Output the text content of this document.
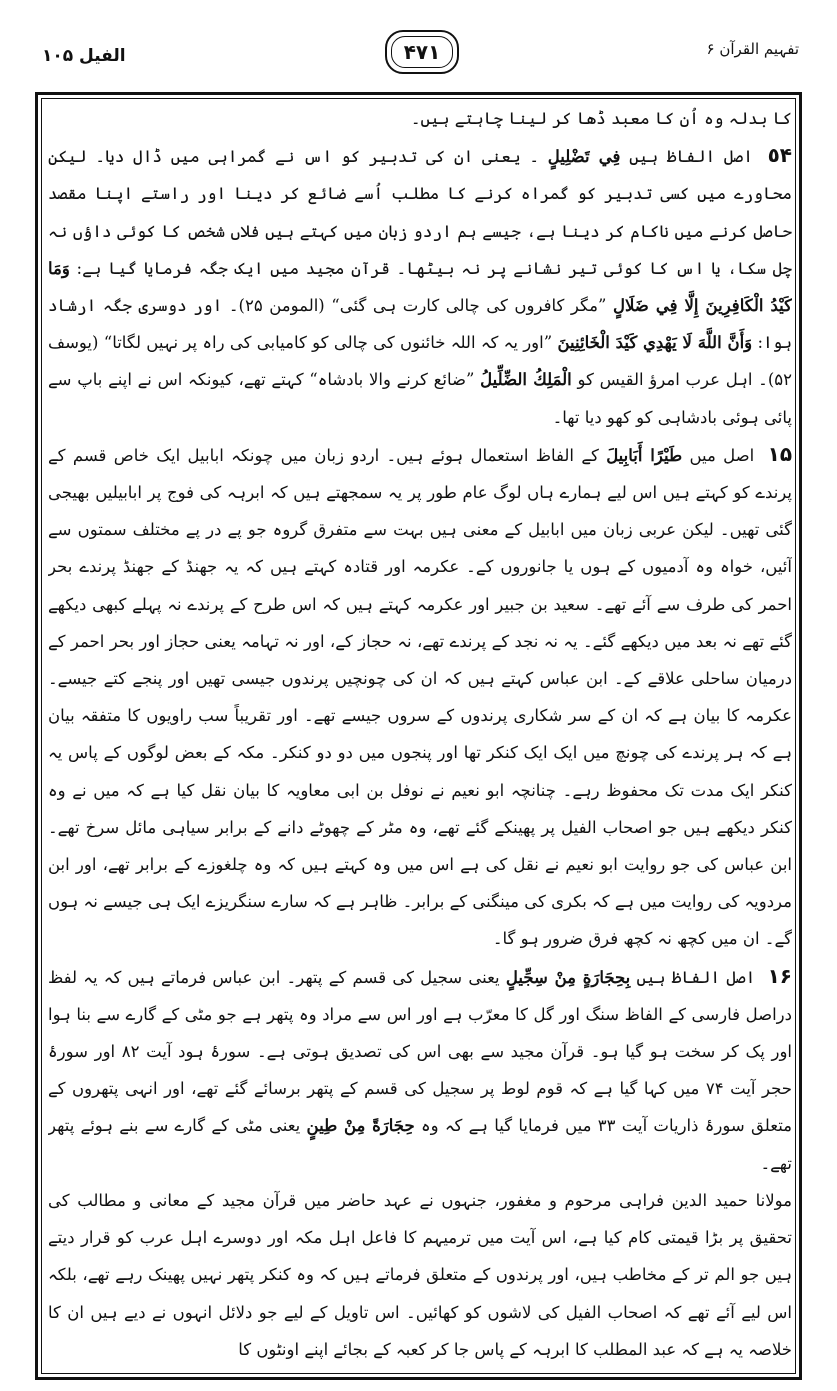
الفیل ۱۰۵	۴۷۱	تفہیم القرآن ۶

کا بدلہ وہ اُن کا معبد ڈھا کر لینا چاہتے ہیں۔

٥۴ اصل الفاظ ہیں فِي تَضْلِيلٍ ۔ یعنی ان کی تدبیر کو اس نے گمراہی میں ڈال دیا۔ لیکن محاورے میں کسی تدبیر کو گمراہ کرنے کا مطلب اُسے ضائع کر دینا اور راستے اپنا مقصد حاصل کرنے میں ناکام کر دینا ہے، جیسے ہم اردو زبان میں کہتے ہیں فلاں شخص کا کوئی داؤں نہ چل سکا، یا اس کا کوئی تیر نشانے پر نہ بیٹھا۔ قرآن مجید میں ایک جگہ فرمایا گیا ہے: وَمَا كَيْدُ الْكَافِرِينَ إِلَّا فِي ضَلَالٍ ”مگر کافروں کی چالی کارت ہی گئی“ (المومن ۲۵)۔ اور دوسری جگہ ارشاد ہوا: وَأَنَّ اللَّهَ لَا يَهْدِي كَيْدَ الْخَائِنِينَ ”اور یہ کہ اللہ خائنوں کی چالی کو کامیابی کی راہ پر نہیں لگاتا“ (یوسف ۵۲)۔ اہل عرب امرؤ القیس کو الْمَلِكُ الضِّلِّيلُ ”ضائع کرنے والا بادشاہ“ کہتے تھے، کیونکہ اس نے اپنے باپ سے پائی ہوئی بادشاہی کو کھو دیا تھا۔

١۵ اصل میں طَيْرًا أَبَابِيلَ کے الفاظ استعمال ہوئے ہیں۔ اردو زبان میں چونکہ ابابیل ایک خاص قسم کے پرندے کو کہتے ہیں اس لیے ہمارے ہاں لوگ عام طور پر یہ سمجھتے ہیں کہ ابرہہ کی فوج پر ابابیلیں بھیجی گئی تھیں۔ لیکن عربی زبان میں ابابیل کے معنی ہیں بہت سے متفرق گروہ جو پے در پے مختلف سمتوں سے آئیں، خواہ وہ آدمیوں کے ہوں یا جانوروں کے۔ عکرمہ اور قتادہ کہتے ہیں کہ یہ جھنڈ کے جھنڈ پرندے بحر احمر کی طرف سے آئے تھے۔ سعید بن جبیر اور عکرمہ کہتے ہیں کہ اس طرح کے پرندے نہ پہلے کبھی دیکھے گئے تھے نہ بعد میں دیکھے گئے۔ یہ نہ نجد کے پرندے تھے، نہ حجاز کے، اور نہ تہامہ یعنی حجاز اور بحر احمر کے درمیان ساحلی علاقے کے۔ ابن عباس کہتے ہیں کہ ان کی چونچیں پرندوں جیسی تھیں اور پنجے کتے جیسے۔ عکرمہ کا بیان ہے کہ ان کے سر شکاری پرندوں کے سروں جیسے تھے۔ اور تقریباً سب راویوں کا متفقہ بیان ہے کہ ہر پرندے کی چونچ میں ایک ایک کنکر تھا اور پنجوں میں دو دو کنکر۔ مکہ کے بعض لوگوں کے پاس یہ کنکر ایک مدت تک محفوظ رہے۔ چنانچہ ابو نعیم نے نوفل بن ابی معاویہ کا بیان نقل کیا ہے کہ میں نے وہ کنکر دیکھے ہیں جو اصحاب الفیل پر پھینکے گئے تھے، وہ مٹر کے چھوٹے دانے کے برابر سیاہی مائل سرخ تھے۔ ابن عباس کی جو روایت ابو نعیم نے نقل کی ہے اس میں وہ کہتے ہیں کہ وہ چلغوزے کے برابر تھے، اور ابن مردویہ کی روایت میں ہے کہ بکری کی مینگنی کے برابر۔ ظاہر ہے کہ سارے سنگریزے ایک ہی جیسے نہ ہوں گے۔ ان میں کچھ نہ کچھ فرق ضرور ہو گا۔

١۶ اصل الفاظ ہیں بِحِجَارَةٍ مِنْ سِجِّيلٍ یعنی سجیل کی قسم کے پتھر۔ ابن عباس فرماتے ہیں کہ یہ لفظ دراصل فارسی کے الفاظ سنگ اور گل کا معرّب ہے اور اس سے مراد وہ پتھر ہے جو مٹی کے گارے سے بنا ہوا اور پک کر سخت ہو گیا ہو۔ قرآن مجید سے بھی اس کی تصدیق ہوتی ہے۔ سورۂ ہود آیت ۸۲ اور سورۂ حجر آیت ۷۴ میں کہا گیا ہے کہ قوم لوط پر سجیل کی قسم کے پتھر برسائے گئے تھے، اور انہی پتھروں کے متعلق سورۂ ذاریات آیت ۳۳ میں فرمایا گیا ہے کہ وہ حِجَارَةً مِنْ طِينٍ یعنی مٹی کے گارے سے بنے ہوئے پتھر تھے۔

مولانا حمید الدین فراہی مرحوم و مغفور، جنہوں نے عہد حاضر میں قرآن مجید کے معانی و مطالب کی تحقیق پر بڑا قیمتی کام کیا ہے، اس آیت میں ترمیہم کا فاعل اہل مکہ اور دوسرے اہل عرب کو قرار دیتے ہیں جو الم تر کے مخاطب ہیں، اور پرندوں کے متعلق فرماتے ہیں کہ وہ کنکر پتھر نہیں پھینک رہے تھے، بلکہ اس لیے آئے تھے کہ اصحاب الفیل کی لاشوں کو کھائیں۔ اس تاویل کے لیے جو دلائل انہوں نے دیے ہیں ان کا خلاصہ یہ ہے کہ عبد المطلب کا ابرہہ کے پاس جا کر کعبہ کے بجائے اپنے اونٹوں کا
